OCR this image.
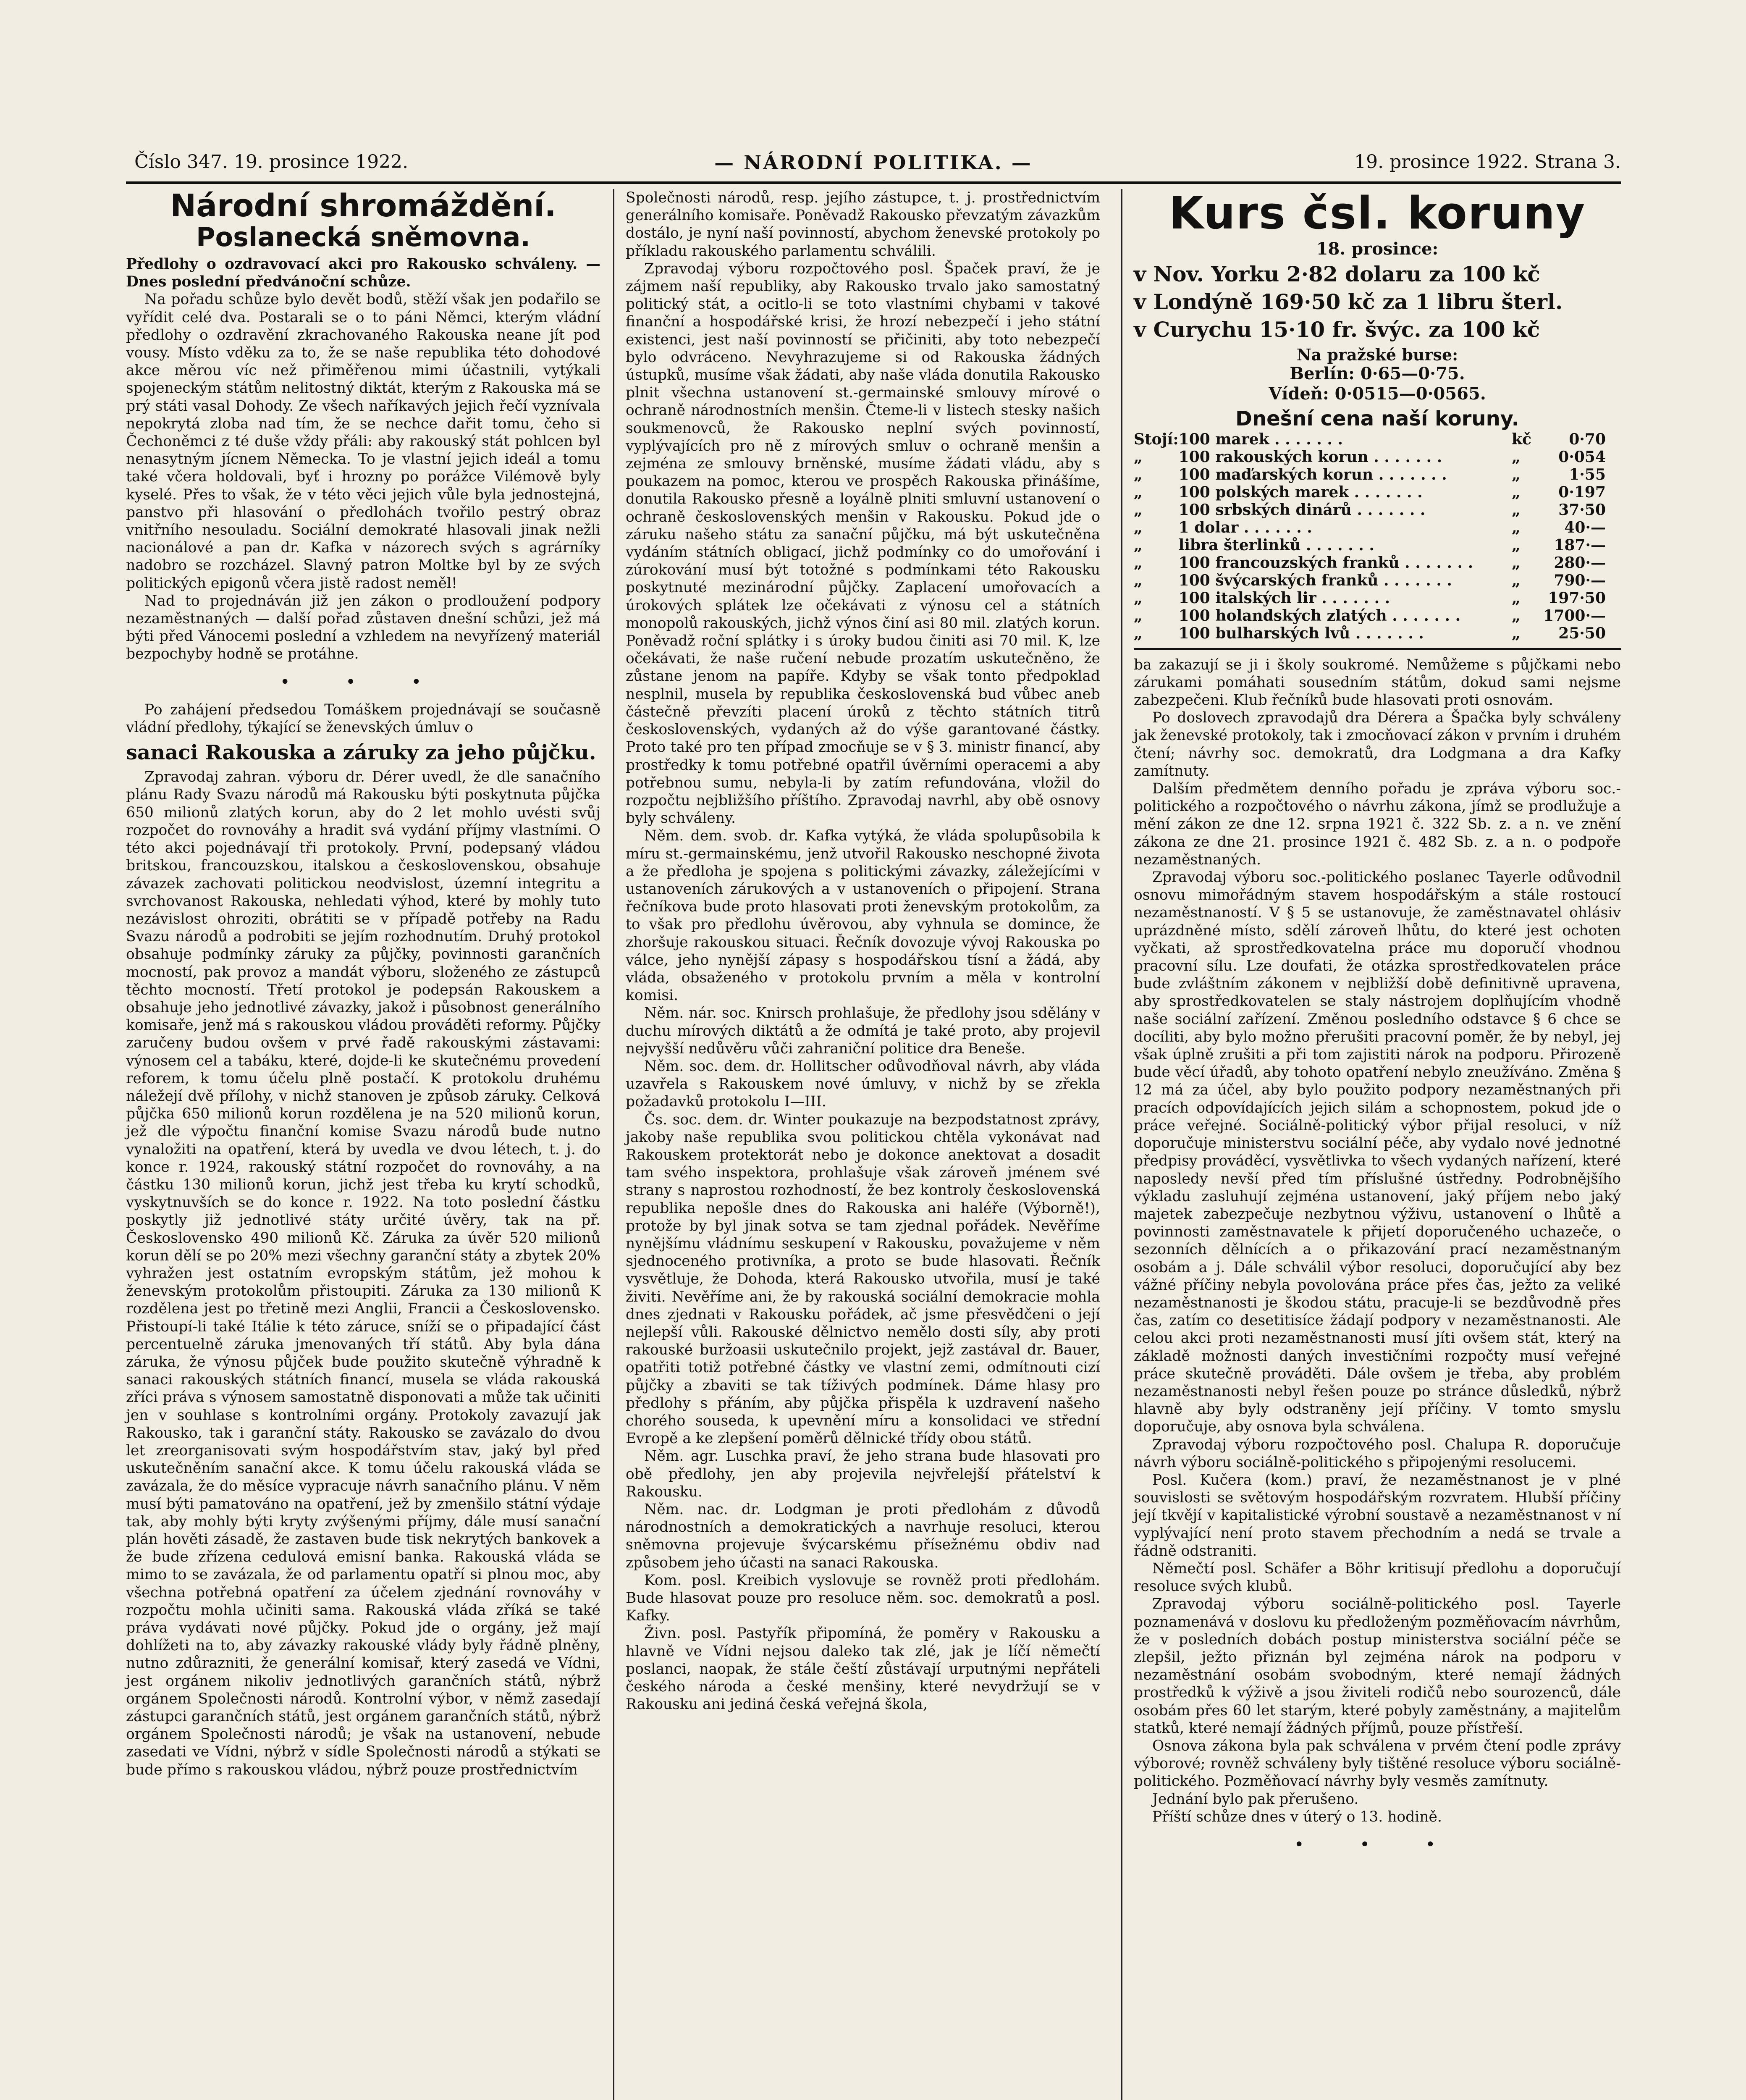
Číslo 347. 19. prosince 1922.	— NÁRODNÍ POLITIKA. —	19. prosince 1922. Strana 3.
Národní shromáždění.
Poslanecká sněmovna.

Předlohy o ozdravovací akci pro Rakousko schváleny. — Dnes poslední předvánoční schůze.

Na pořadu schůze bylo devět bodů, stěží však jen podařilo se vyřídit celé dva. Postarali se o to páni Němci, kterým vládní předlohy o ozdravění zkrachovaného Rakouska neane jít pod vousy. Místo vděku za to, že se naše republika této dohodové akce měrou víc než přiměřenou mimi účastnili, vytýkali spojeneckým státům nelitostný diktát, kterým z Rakouska má se prý státi vasal Dohody. Ze všech naříkavých jejich řečí vyznívala nepokrytá zloba nad tím, že se nechce dařit tomu, čeho si Čechoněmci z té duše vždy přáli: aby rakouský stát pohlcen byl nenasytným jícnem Německa. To je vlastní jejich ideál a tomu také včera holdovali, byť i hrozny po porážce Vilémově byly kyselé. Přes to však, že v této věci jejich vůle byla jednostejná, panstvo při hlasování o předlohách tvořilo pestrý obraz vnitřního nesouladu. Sociální demokraté hlasovali jinak nežli nacionálové a pan dr. Kafka v názorech svých s agrárníky nadobro se rozcházel. Slavný patron Moltke byl by ze svých politických epigonů včera jistě radost neměl!

Nad to projednáván již jen zákon o prodloužení podpory nezaměstnaných — další pořad zůstaven dnešní schůzi, jež má býti před Vánocemi poslední a vzhledem na nevyřízený materiál bezpochyby hodně se protáhne.

• • •

Po zahájení předsedou Tomáškem projednávají se současně vládní předlohy, týkající se ženevských úmluv o

sanaci Rakouska a záruky za jeho půjčku.

Zpravodaj zahran. výboru dr. Dérer uvedl, že dle sanačního plánu Rady Svazu národů má Rakousku býti poskytnuta půjčka 650 milionů zlatých korun, aby do 2 let mohlo uvésti svůj rozpočet do rovnováhy a hradit svá vydání příjmy vlastními. O této akci pojednávají tři protokoly. První, podepsaný vládou britskou, francouzskou, italskou a československou, obsahuje závazek zachovati politickou neodvislost, územní integritu a svrchovanost Rakouska, nehledati výhod, které by mohly tuto nezávislost ohroziti, obrátiti se v případě potřeby na Radu Svazu národů a podrobiti se jejím rozhodnutím. Druhý protokol obsahuje podmínky záruky za půjčky, povinnosti garančních mocností, pak provoz a mandát výboru, složeného ze zástupců těchto mocností. Třetí protokol je podepsán Rakouskem a obsahuje jeho jednotlivé závazky, jakož i působnost generálního komisaře, jenž má s rakouskou vládou prováděti reformy. Půjčky zaručeny budou ovšem v prvé řadě rakouskými zástavami: výnosem cel a tabáku, které, dojde-li ke skutečnému provedení reforem, k tomu účelu plně postačí. K protokolu druhému náležejí dvě přílohy, v nichž stanoven je způsob záruky. Celková půjčka 650 milionů korun rozdělena je na 520 milionů korun, jež dle výpočtu finanční komise Svazu národů bude nutno vynaložiti na opatření, která by uvedla ve dvou létech, t. j. do konce r. 1924, rakouský státní rozpočet do rovnováhy, a na částku 130 milionů korun, jichž jest třeba ku krytí schodků, vyskytnuvších se do konce r. 1922. Na toto poslední částku poskytly již jednotlivé státy určité úvěry, tak na př. Československo 490 milionů Kč. Záruka za úvěr 520 milionů korun dělí se po 20% mezi všechny garanční státy a zbytek 20% vyhražen jest ostatním evropským státům, jež mohou k ženevským protokolům přistoupiti. Záruka za 130 milionů K rozdělena jest po třetině mezi Anglii, Francii a Československo. Přistoupí-li také Itálie k této záruce, sníží se o připadající část percentuelně záruka jmenovaných tří států. Aby byla dána záruka, že výnosu půjček bude použito skutečně výhradně k sanaci rakouských státních financí, musela se vláda rakouská zříci práva s výnosem samostatně disponovati a může tak učiniti jen v souhlase s kontrolními orgány. Protokoly zavazují jak Rakousko, tak i garanční státy. Rakousko se zavázalo do dvou let zreorganisovati svým hospodářstvím stav, jaký byl před uskutečněním sanační akce. K tomu účelu rakouská vláda se zavázala, že do měsíce vypracuje návrh sanačního plánu. V něm musí býti pamatováno na opatření, jež by zmenšilo státní výdaje tak, aby mohly býti kryty zvýšenými příjmy, dále musí sanační plán hověti zásadě, že zastaven bude tisk nekrytých bankovek a že bude zřízena cedulová emisní banka. Rakouská vláda se mimo to se zavázala, že od parlamentu opatří si plnou moc, aby všechna potřebná opatření za účelem zjednání rovnováhy v rozpočtu mohla učiniti sama. Rakouská vláda zříká se také práva vydávati nové půjčky. Pokud jde o orgány, jež mají dohlížeti na to, aby závazky rakouské vlády byly řádně plněny, nutno zdůrazniti, že generální komisař, který zasedá ve Vídni, jest orgánem nikoliv jednotlivých garančních států, nýbrž orgánem Společnosti národů. Kontrolní výbor, v němž zasedají zástupci garančních států, jest orgánem garančních států, nýbrž orgánem Společnosti národů; je však na ustanovení, nebude zasedati ve Vídni, nýbrž v sídle Společnosti národů a stýkati se bude přímo s rakouskou vládou, nýbrž pouze prostřednictvím

Společnosti národů, resp. jejího zástupce, t. j. prostřednictvím generálního komisaře. Poněvadž Rakousko převzatým závazkům dostálo, je nyní naší povinností, abychom ženevské protokoly po příkladu rakouského parlamentu schválili.

Zpravodaj výboru rozpočtového posl. Špaček praví, že je zájmem naší republiky, aby Rakousko trvalo jako samostatný politický stát, a ocitlo-li se toto vlastními chybami v takové finanční a hospodářské krisi, že hrozí nebezpečí i jeho státní existenci, jest naší povinností se přičiniti, aby toto nebezpečí bylo odvráceno. Nevyhrazujeme si od Rakouska žádných ústupků, musíme však žádati, aby naše vláda donutila Rakousko plnit všechna ustanovení st.-germainské smlouvy mírové o ochraně národnostních menšin. Čteme-li v listech stesky našich soukmenovců, že Rakousko neplní svých povinností, vyplývajících pro ně z mírových smluv o ochraně menšin a zejména ze smlouvy brněnské, musíme žádati vládu, aby s poukazem na pomoc, kterou ve prospěch Rakouska přinášíme, donutila Rakousko přesně a loyálně plniti smluvní ustanovení o ochraně československých menšin v Rakousku. Pokud jde o záruku našeho státu za sanační půjčku, má být uskutečněna vydáním státních obligací, jichž podmínky co do umořování i zúrokování musí být totožné s podmínkami této Rakousku poskytnuté mezinárodní půjčky. Zaplacení umořovacích a úrokových splátek lze očekávati z výnosu cel a státních monopolů rakouských, jichž výnos činí asi 80 mil. zlatých korun. Poněvadž roční splátky i s úroky budou činiti asi 70 mil. K, lze očekávati, že naše ručení nebude prozatím uskutečněno, že zůstane jenom na papíře. Kdyby se však tonto předpoklad nesplnil, musela by republika československá bud vůbec aneb částečně převzíti placení úroků z těchto státních titrů československých, vydaných až do výše garantované částky. Proto také pro ten případ zmocňuje se v § 3. ministr financí, aby prostředky k tomu potřebné opatřil úvěrními operacemi a aby potřebnou sumu, nebyla-li by zatím refundována, vložil do rozpočtu nejbližšího příštího. Zpravodaj navrhl, aby obě osnovy byly schváleny.

Něm. dem. svob. dr. Kafka vytýká, že vláda spolupůsobila k míru st.-germainskému, jenž utvořil Rakousko neschopné života a že předloha je spojena s politickými závazky, záležejícími v ustanoveních zárukových a v ustanoveních o připojení. Strana řečníkova bude proto hlasovati proti ženevským protokolům, za to však pro předlohu úvěrovou, aby vyhnula se domince, že zhoršuje rakouskou situaci. Řečník dovozuje vývoj Rakouska po válce, jeho nynější zápasy s hospodářskou tísní a žádá, aby vláda, obsaženého v protokolu prvním a měla v kontrolní komisi.

Něm. nár. soc. Knirsch prohlašuje, že předlohy jsou sdělány v duchu mírových diktátů a že odmítá je také proto, aby projevil nejvyšší nedůvěru vůči zahraniční politice dra Beneše.

Něm. soc. dem. dr. Hollitscher odůvodňoval návrh, aby vláda uzavřela s Rakouskem nové úmluvy, v nichž by se zřekla požadavků protokolu I—III.

Čs. soc. dem. dr. Winter poukazuje na bezpodstatnost zprávy, jakoby naše republika svou politickou chtěla vykonávat nad Rakouskem protektorát nebo je dokonce anektovat a dosadit tam svého inspektora, prohlašuje však zároveň jménem své strany s naprostou rozhodností, že bez kontroly československá republika nepošle dnes do Rakouska ani haléře (Výborně!), protože by byl jinak sotva se tam zjednal pořádek. Nevěříme nynějšímu vládnímu seskupení v Rakousku, považujeme v něm sjednoceného protivníka, a proto se bude hlasovati. Řečník vysvětluje, že Dohoda, která Rakousko utvořila, musí je také živiti. Nevěříme ani, že by rakouská sociální demokracie mohla dnes zjednati v Rakousku pořádek, ač jsme přesvědčeni o její nejlepší vůli. Rakouské dělnictvo nemělo dosti síly, aby proti rakouské buržoasii uskutečnilo projekt, jejž zastával dr. Bauer, opatřiti totiž potřebné částky ve vlastní zemi, odmítnouti cizí půjčky a zbaviti se tak tíživých podmínek. Dáme hlasy pro předlohy s přáním, aby půjčka přispěla k uzdravení našeho chorého souseda, k upevnění míru a konsolidaci ve střední Evropě a ke zlepšení poměrů dělnické třídy obou států.

Něm. agr. Luschka praví, že jeho strana bude hlasovati pro obě předlohy, jen aby projevila nejvřelejší přátelství k Rakousku.

Něm. nac. dr. Lodgman je proti předlohám z důvodů národnostních a demokratických a navrhuje resoluci, kterou sněmovna projevuje švýcarskému přísežnému obdiv nad způsobem jeho účasti na sanaci Rakouska.

Kom. posl. Kreibich vyslovuje se rovněž proti předlohám. Bude hlasovat pouze pro resoluce něm. soc. demokratů a posl. Kafky.

Živn. posl. Pastyřík připomíná, že poměry v Rakousku a hlavně ve Vídni nejsou daleko tak zlé, jak je líčí němečtí poslanci, naopak, že stále čeští zůstávají urputnými nepřáteli českého národa a české menšiny, které nevydržují se v Rakousku ani jediná česká veřejná škola,

Kurs čsl. koruny
18. prosince:
v Nov. Yorku 2·82 dolaru za 100 kč
v Londýně 169·50 kč za 1 libru šterl.
v Curychu 15·10 fr. švýc. za 100 kč
Na pražské burse:
Berlín: 0·65—0·75.
Vídeň: 0·0515—0·0565.
Dnešní cena naší koruny.
Stojí:	100 marek . . . . . . .	kč	0·70
„	100 rakouských korun . . . . . . .	„	0·054
„	100 maďarských korun . . . . . . .	„	1·55
„	100 polských marek . . . . . . .	„	0·197
„	100 srbských dinárů . . . . . . .	„	37·50
„	1 dolar . . . . . . .	„	40·—
„	libra šterlinků . . . . . . .	„	187·—
„	100 francouzských franků . . . . . . .	„	280·—
„	100 švýcarských franků . . . . . . .	„	790·—
„	100 italských lir . . . . . . .	„	197·50
„	100 holandských zlatých . . . . . . .	„	1700·—
„	100 bulharských lvů . . . . . . .	„	25·50

ba zakazují se ji i školy soukromé. Nemůžeme s půjčkami nebo zárukami pomáhati sousedním státům, dokud sami nejsme zabezpečeni. Klub řečníků bude hlasovati proti osnovám.

Po doslovech zpravodajů dra Dérera a Špačka byly schváleny jak ženevské protokoly, tak i zmocňovací zákon v prvním i druhém čtení; návrhy soc. demokratů, dra Lodgmana a dra Kafky zamítnuty.

Dalším předmětem denního pořadu je zpráva výboru soc.-politického a rozpočtového o návrhu zákona, jímž se prodlužuje a mění zákon ze dne 12. srpna 1921 č. 322 Sb. z. a n. ve znění zákona ze dne 21. prosince 1921 č. 482 Sb. z. a n. o podpoře nezaměstnaných.

Zpravodaj výboru soc.-politického poslanec Tayerle odůvodnil osnovu mimořádným stavem hospodářským a stále rostoucí nezaměstnaností. V § 5 se ustanovuje, že zaměstnavatel ohlásiv uprázdněné místo, sdělí zároveň lhůtu, do které jest ochoten vyčkati, až sprostředkovatelna práce mu doporučí vhodnou pracovní sílu. Lze doufati, že otázka sprostředkovatelen práce bude zvláštním zákonem v nejbližší době definitivně upravena, aby sprostředkovatelen se staly nástrojem doplňujícím vhodně naše sociální zařízení. Změnou posledního odstavce § 6 chce se docíliti, aby bylo možno přerušiti pracovní poměr, že by nebyl, jej však úplně zrušiti a při tom zajistiti nárok na podporu. Přirozeně bude věcí úřadů, aby tohoto opatření nebylo zneužíváno. Změna § 12 má za účel, aby bylo použito podpory nezaměstnaných při pracích odpovídajících jejich silám a schopnostem, pokud jde o práce veřejné. Sociálně-politický výbor přijal resoluci, v níž doporučuje ministerstvu sociální péče, aby vydalo nové jednotné předpisy prováděcí, vysvětlivka to všech vydaných nařízení, které naposledy nevší před tím příslušné ústředny. Podrobnějšího výkladu zasluhují zejména ustanovení, jaký příjem nebo jaký majetek zabezpečuje nezbytnou výživu, ustanovení o lhůtě a povinnosti zaměstnavatele k přijetí doporučeného uchazeče, o sezonních dělnících a o přikazování prací nezaměstnaným osobám a j. Dále schválil výbor resoluci, doporučující aby bez vážné příčiny nebyla povolována práce přes čas, ježto za veliké nezaměstnanosti je škodou státu, pracuje-li se bezdůvodně přes čas, zatím co desetitisíce žádají podpory v nezaměstnanosti. Ale celou akci proti nezaměstnanosti musí jíti ovšem stát, který na základě možnosti daných investičními rozpočty musí veřejné práce skutečně prováděti. Dále ovšem je třeba, aby problém nezaměstnanosti nebyl řešen pouze po stránce důsledků, nýbrž hlavně aby byly odstraněny její příčiny. V tomto smyslu doporučuje, aby osnova byla schválena.

Zpravodaj výboru rozpočtového posl. Chalupa R. doporučuje návrh výboru sociálně-politického s připojenými resolucemi.

Posl. Kučera (kom.) praví, že nezaměstnanost je v plné souvislosti se světovým hospodářským rozvratem. Hlubší příčiny její tkvějí v kapitalistické výrobní soustavě a nezaměstnanost v ní vyplývající není proto stavem přechodním a nedá se trvale a řádně odstraniti.

Němečtí posl. Schäfer a Böhr kritisují předlohu a doporučují resoluce svých klubů.

Zpravodaj výboru sociálně-politického posl. Tayerle poznamenává v doslovu ku předloženým pozměňovacím návrhům, že v posledních dobách postup ministerstva sociální péče se zlepšil, ježto přiznán byl zejména nárok na podporu v nezaměstnání osobám svobodným, které nemají žádných prostředků k výživě a jsou živiteli rodičů nebo sourozenců, dále osobám přes 60 let starým, které pobyly zaměstnány, a majitelům statků, které nemají žádných příjmů, pouze přístřeší.

Osnova zákona byla pak schválena v prvém čtení podle zprávy výborové; rovněž schváleny byly tištěné resoluce výboru sociálně-politického. Pozměňovací návrhy byly vesměs zamítnuty.

Jednání bylo pak přerušeno.

Příští schůze dnes v úterý o 13. hodině.

• • •
